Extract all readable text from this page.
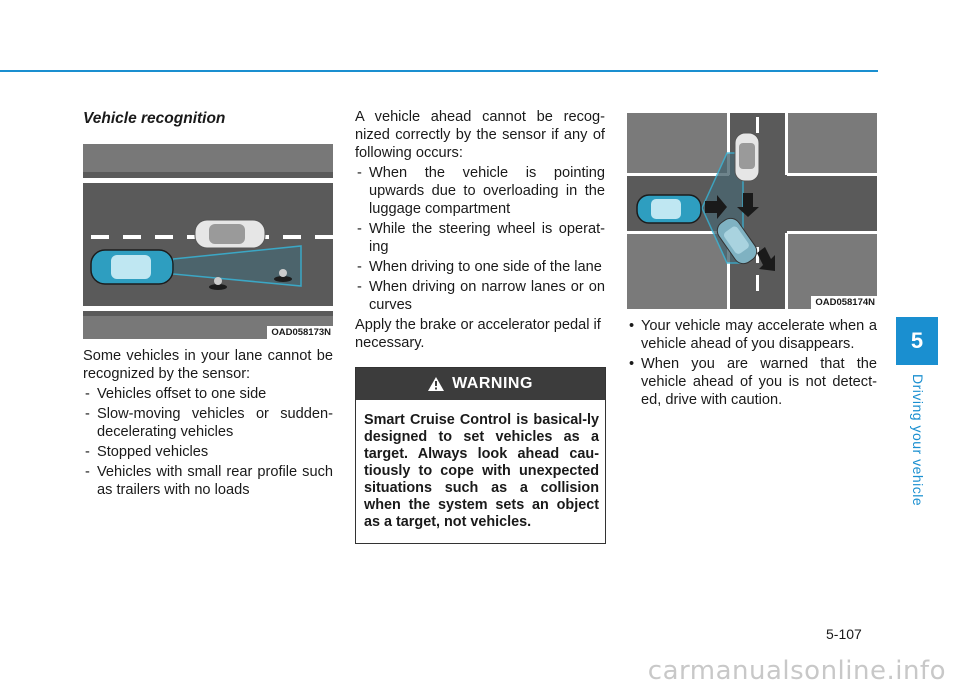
Vehicle recognition
OAD058173N

Some vehicles in your lane cannot be recognized by the sensor:

- Vehicles offset to one side
- Slow-moving vehicles or sudden-decelerating vehicles
- Stopped vehicles
- Vehicles with small rear profile such as trailers with no loads

A vehicle ahead cannot be recog-nized correctly by the sensor if any of following occurs:

- When the vehicle is pointing upwards due to overloading in the luggage compartment
- While the steering wheel is operat-ing
- When driving to one side of the lane
- When driving on narrow lanes or on curves

Apply the brake or accelerator pedal if necessary.

WARNING
Smart Cruise Control is basical-ly designed to set vehicles as a target. Always look ahead cau-tiously to cope with unexpected situations such as a collision when the system sets an object as a target, not vehicles.
OAD058174N
• Your vehicle may accelerate when a vehicle ahead of you disappears.
• When you are warned that the vehicle ahead of you is not detect-ed, drive with caution.
5
Driving your vehicle
5-107
carmanualsonline.info
